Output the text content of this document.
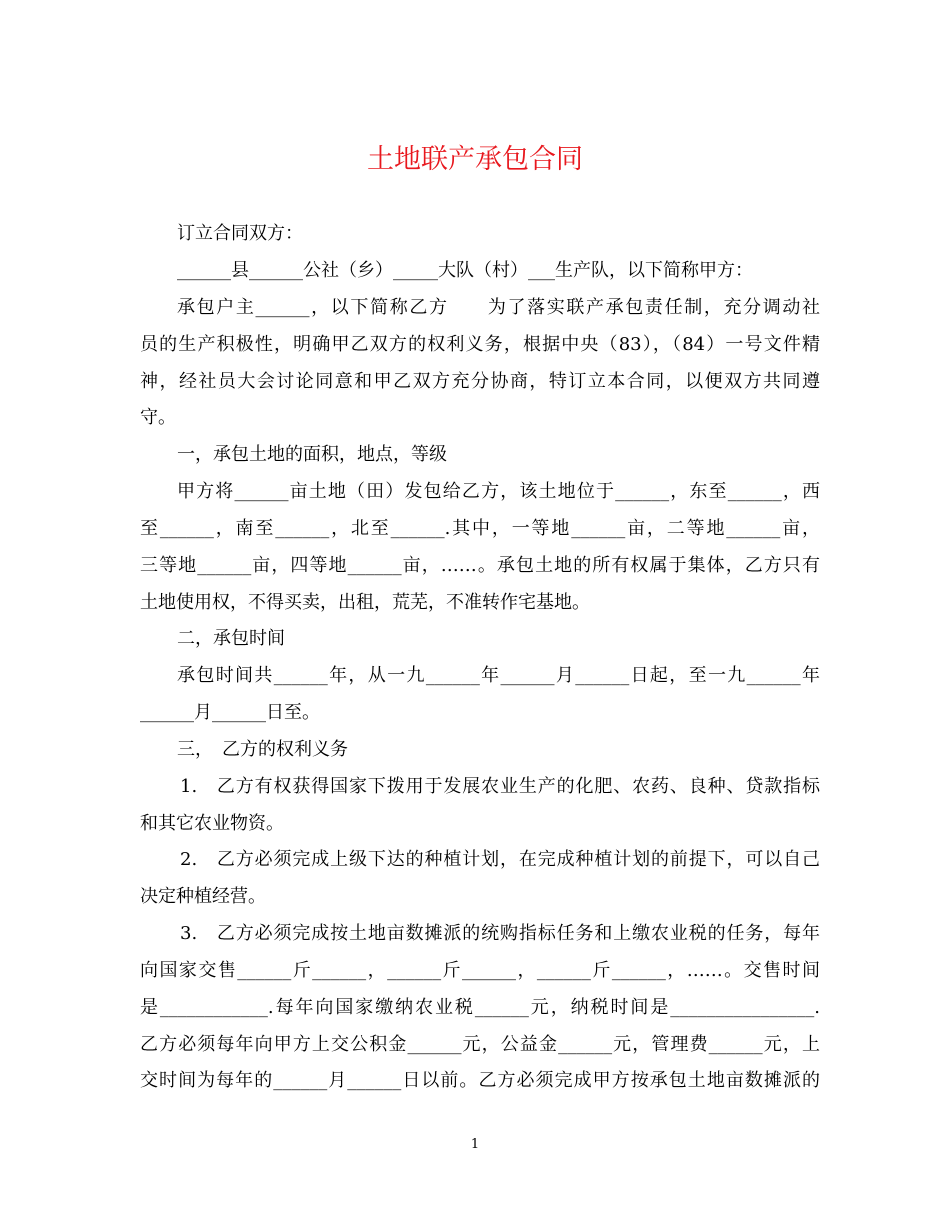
土地联产承包合同
订立合同双方：
______县______公社（乡）_____大队（村）___生产队，以下简称甲方：
承包户主______，以下简称乙方　　为了落实联产承包责任制，充分调动社
员的生产积极性，明确甲乙双方的权利义务，根据中央（83），（84）一号文件精
神，经社员大会讨论同意和甲乙双方充分协商，特订立本合同，以便双方共同遵
守。
一，承包土地的面积，地点，等级
甲方将______亩土地（田）发包给乙方，该土地位于______，东至______，西
至______，南至______，北至______.其中，一等地______亩，二等地______亩，
三等地______亩，四等地______亩，……。承包土地的所有权属于集体，乙方只有
土地使用权，不得买卖，出租，荒芜，不准转作宅基地。
二，承包时间
承包时间共______年，从一九______年______月______日起，至一九______年
______月______日至。
三，　乙方的权利义务
1.　乙方有权获得国家下拨用于发展农业生产的化肥、农药、良种、贷款指标
和其它农业物资。
2.　乙方必须完成上级下达的种植计划，在完成种植计划的前提下，可以自己
决定种植经营。
3.　乙方必须完成按土地亩数摊派的统购指标任务和上缴农业税的任务，每年
向国家交售______斤______，______斤______，______斤______，……。交售时间
是____________.每年向国家缴纳农业税______元，纳税时间是________________.
乙方必须每年向甲方上交公积金______元，公益金______元，管理费______元，上
交时间为每年的______月______日以前。乙方必须完成甲方按承包土地亩数摊派的
1
